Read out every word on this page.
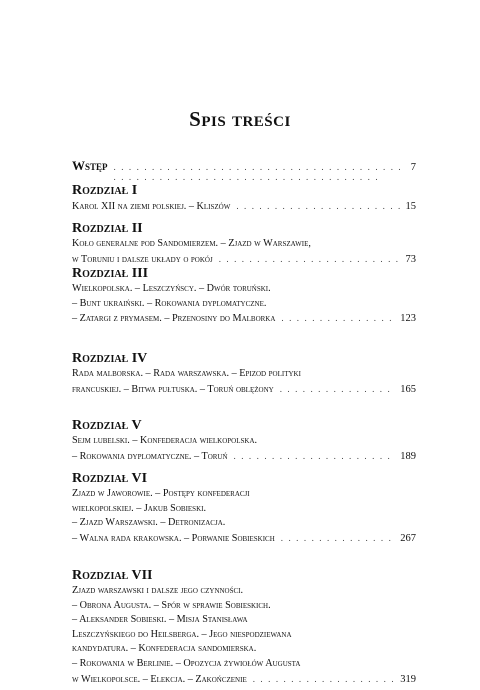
Spis treści
Wstęp . . .	7
Rozdział I
Karol XII na ziemi polskiej. – Kliszów . . .	15
Rozdział II
Koło generalne pod Sandomierzem. – Zjazd w Warszawie,
w Toruniu i dalsze układy o pokój . . .	73
Rozdział III
Wielkopolska. – Leszczyńscy. – Dwór toruński.
– Bunt ukraiński. – Rokowania dyplomatyczne.
– Zatargi z prymasem. – Przenosiny do Malborka . . .	123
Rozdział IV
Rada malborska. – Rada warszawska. – Epizod polityki
francuskiej. – Bitwa pułtuska. – Toruń oblężony . . .	165
Rozdział V
Sejm lubelski. – Konfederacja wielkopolska.
– Rokowania dyplomatyczne. – Toruń . . .	189
Rozdział VI
Zjazd w Jaworowie. – Postępy konfederacji
wielkopolskiej. – Jakub Sobieski.
– Zjazd Warszawski. – Detronizacja.
– Walna rada krakowska. – Porwanie Sobieskich . . .	267
Rozdział VII
Zjazd warszawski i dalsze jego czynności.
– Obrona Augusta. – Spór w sprawie Sobieskich.
– Aleksander Sobieski. – Misja Stanisława
Leszczyńskiego do Heilsberga. – Jego niespodziewana
kandydatura. – Konfederacja sandomierska.
– Rokowania w Berlinie. – Opozycja żywiołów Augusta
w Wielkopolsce. – Elekcja. – Zakończenie . . .	319
